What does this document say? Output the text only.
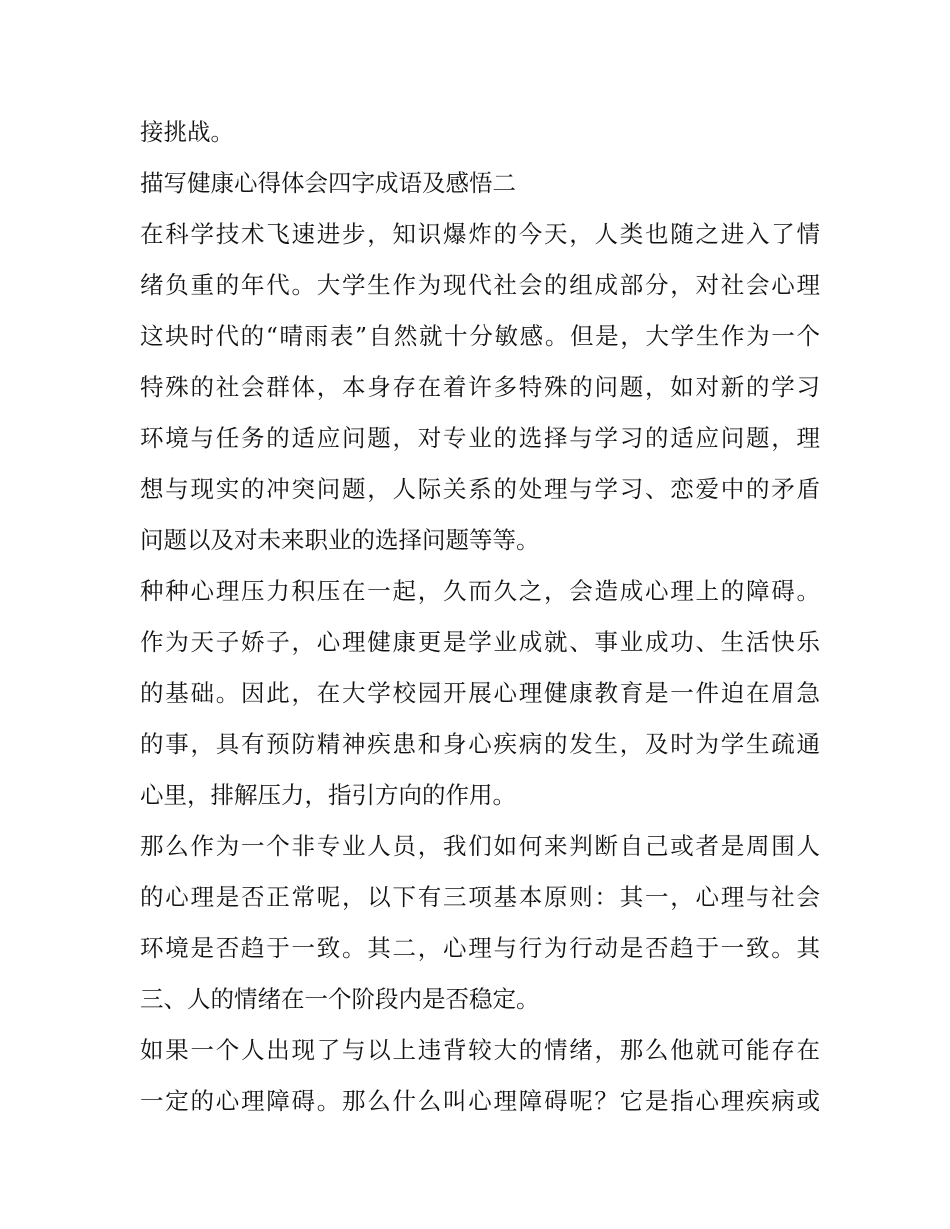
接挑战。
描写健康心得体会四字成语及感悟二
在科学技术飞速进步，知识爆炸的今天，人类也随之进入了情
绪负重的年代。大学生作为现代社会的组成部分，对社会心理
这块时代的“晴雨表”自然就十分敏感。但是，大学生作为一个
特殊的社会群体，本身存在着许多特殊的问题，如对新的学习
环境与任务的适应问题，对专业的选择与学习的适应问题，理
想与现实的冲突问题，人际关系的处理与学习、恋爱中的矛盾
问题以及对未来职业的选择问题等等。
种种心理压力积压在一起，久而久之，会造成心理上的障碍。
作为天子娇子，心理健康更是学业成就、事业成功、生活快乐
的基础。因此，在大学校园开展心理健康教育是一件迫在眉急
的事，具有预防精神疾患和身心疾病的发生，及时为学生疏通
心里，排解压力，指引方向的作用。
那么作为一个非专业人员，我们如何来判断自己或者是周围人
的心理是否正常呢，以下有三项基本原则：其一，心理与社会
环境是否趋于一致。其二，心理与行为行动是否趋于一致。其
三、人的情绪在一个阶段内是否稳定。
如果一个人出现了与以上违背较大的情绪，那么他就可能存在
一定的心理障碍。那么什么叫心理障碍呢？它是指心理疾病或
